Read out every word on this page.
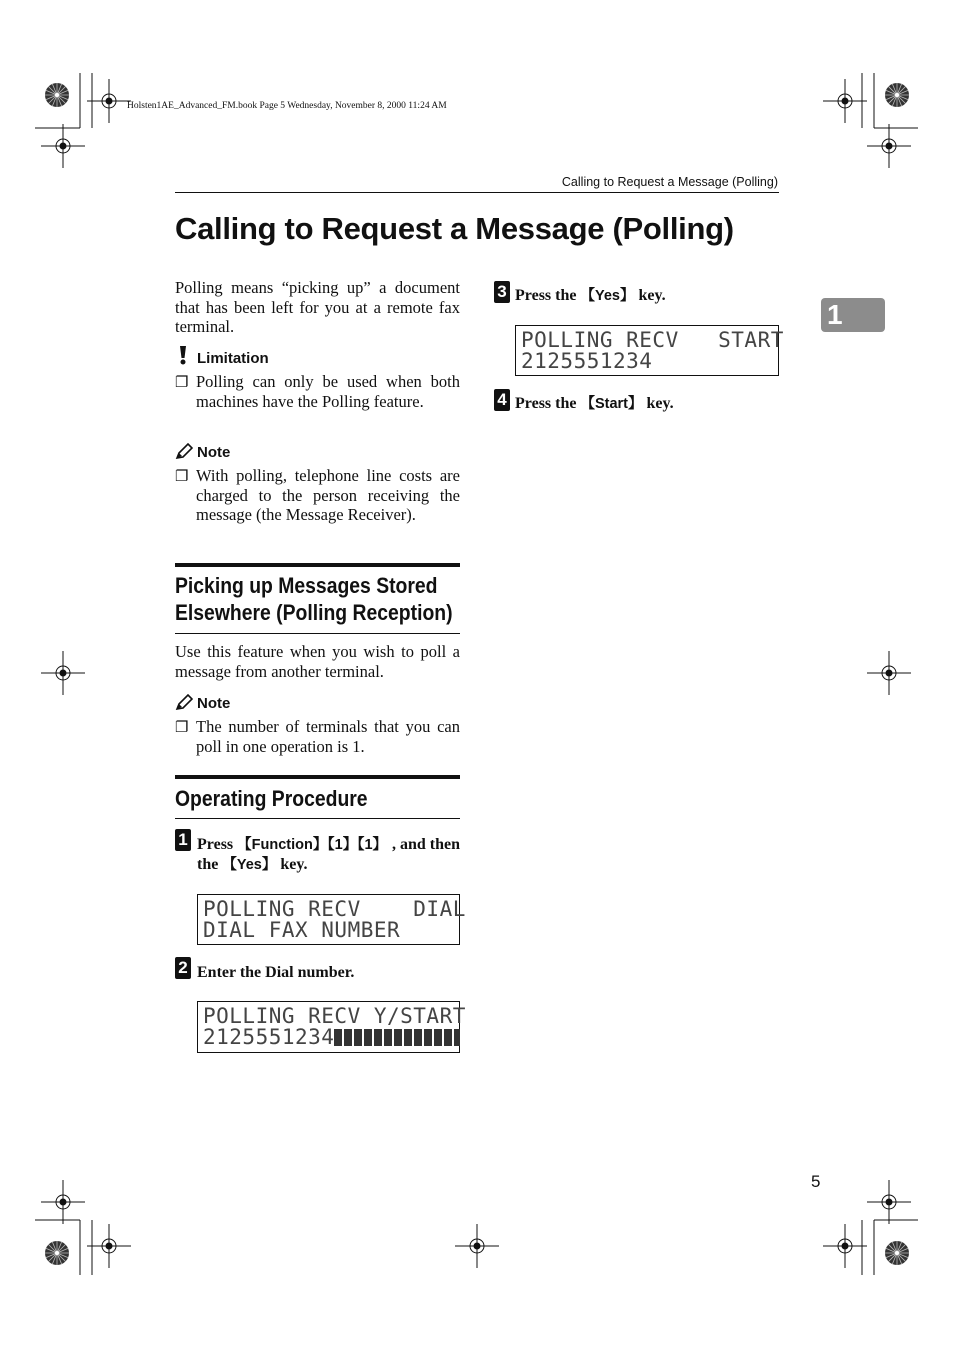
Holsten1AE_Advanced_FM.book Page 5 Wednesday, November 8, 2000 11:24 AM
Calling to Request a Message (Polling)
Calling to Request a Message (Polling)
1
Polling means “picking up” a document that has been left for you at a remote fax terminal.
Limitation
❐ Polling can only be used when both machines have the Polling feature.
Note
❐ With polling, telephone line costs are charged to the person receiving the message (the Message Receiver).
Picking up Messages Stored
Elsewhere (Polling Reception)
Use this feature when you wish to poll a message from another terminal.
Note
❐ The number of terminals that you can poll in one operation is 1.
Operating Procedure
1 Press 【Function】【1】【1】 , and then
the 【Yes】 key.
POLLING RECV    DIAL
DIAL FAX NUMBER
2 Enter the Dial number.
POLLING RECV Y/START
2125551234
3 Press the 【Yes】 key.
POLLING RECV   START
2125551234
4 Press the 【Start】 key.
5
